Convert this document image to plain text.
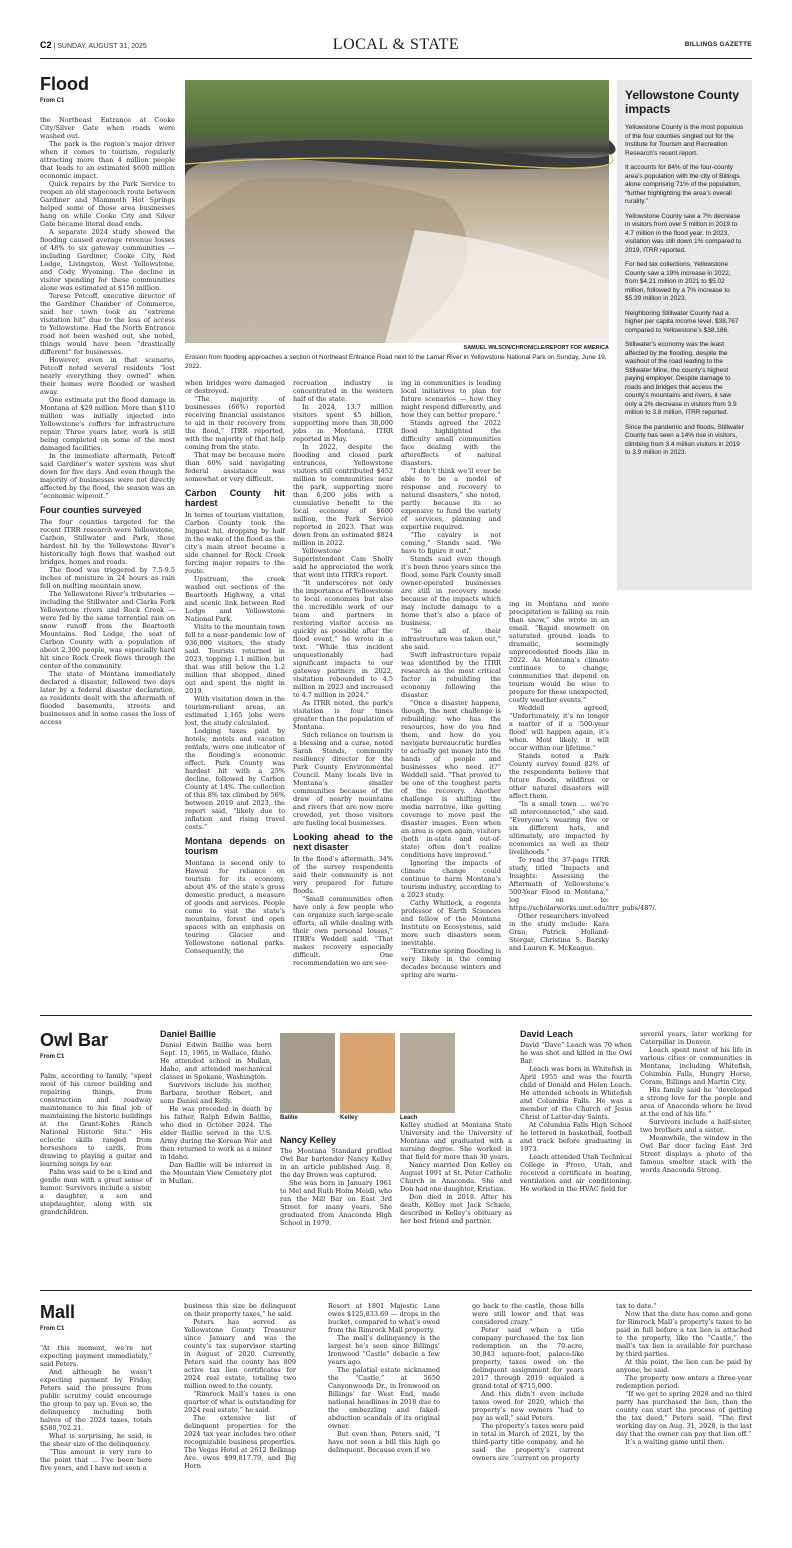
C2 | SUNDAY, AUGUST 31, 2025	LOCAL & STATE	BILLINGS GAZETTE
Flood
From C1

the Northeast Entrance at Cooke City/Silver Gate when roads were washed out.

The park is the region’s major driver when it comes to tourism, regularly attracting more than 4 million people that leads to an estimated $600 million economic impact.

Quick repairs by the Park Service to reopen an old stagecoach route between Gardiner and Mammoth Hot Springs helped some of those area businesses hang on while Cooke City and Silver Gate became literal dead ends.

A separate 2024 study showed the flooding caused average revenue losses of 48% to six gateway communities — including Gardiner, Cooke City, Red Lodge, Livingston, West Yellowstone, and Cody, Wyoming. The decline in visitor spending for these communities alone was estimated at $156 million.

Terese Petcoff, executive director of the Gardiner Chamber of Commerce, said her town took an “extreme visitation hit” due to the loss of access to Yellowstone. Had the North Entrance road not been washed out, she noted, things would have been “drastically different” for businesses.

However, even in that scenario, Petcoff noted several residents “lost nearly everything they owned” when their homes were flooded or washed away.

One estimate put the flood damage in Montana at $29 million. More than $110 million was initially injected into Yellowstone’s coffers for infrastructure repair. Three years later, work is still being completed on some of the most damaged facilities.

In the immediate aftermath, Petcoff said Gardiner’s water system was shut down for five days. And even though the majority of businesses were not directly affected by the flood, the season was an “economic wipeout.”

Four counties surveyed

The four counties targeted for the recent ITRR research were Yellowstone, Carbon, Stillwater and Park, those hardest hit by the Yellowstone River’s historically high flows that washed out bridges, homes and roads.

The flood was triggered by 7.5-9.5 inches of moisture in 24 hours as rain fell on melting mountain snow.

The Yellowstone River’s tributaries — including the Stillwater and Clarks Fork Yellowstone rivers and Rock Creek — were fed by the same torrential rain on snow runoff from the Beartooth Mountains. Red Lodge, the seat of Carbon County with a population of about 2,300 people, was especially hard hit since Rock Creek flows through the center of the community.

The state of Montana immediately declared a disaster, followed two days later by a federal disaster declaration, as residents dealt with the aftermath of flooded basements, streets and businesses and in some cases the loss of access

SAMUEL WILSON/CHRONICLE/REPORT FOR AMERICA
Erosion from flooding approaches a section of Northeast Entrance Road next to the Lamar River in Yellowstone National Park on Sunday, June 19, 2022.

when bridges were damaged or destroyed.

“The majority of businesses (66%) reported receiving financial assistance to aid in their recovery from the flood,” ITRR reported, with the majority of that help coming from the state.

That may be because more than 60% said navigating federal assistance was somewhat or very difficult.

Carbon County hit hardest

In terms of tourism visitation, Carbon County took the biggest hit, dropping by half in the wake of the flood as the city’s main street became a side channel for Rock Creek forcing major repairs to the route.

Upstream, the creek washed out sections of the Beartooth Highway, a vital and scenic link between Red Lodge and Yellowstone National Park.

Visits to the mountain town fell to a near-pandemic low of 936,000 visitors, the study said. Tourists returned in 2023, topping 1.1 million, but that was still below the 1.2 million that shopped, dined out and spent the night in 2019.

With visitation down in the tourism-reliant areas, an estimated 1,165 jobs were lost, the study calculated.

Lodging taxes paid by hotels, motels and vacation rentals, were one indicator of the flooding’s economic effect. Park County was hardest hit with a 25% decline, followed by Carbon County at 14%. The collection of this 8% tax climbed by 56% between 2019 and 2023, the report said, “likely due to inflation and rising travel costs.”

Montana depends on tourism

Montana is second only to Hawaii for reliance on tourism for its economy, about 4% of the state’s gross domestic product, a measure of goods and services. People come to visit the state’s mountains, forest and open spaces with an emphasis on touring Glacier and Yellowstone national parks. Consequently, the

recreation industry is concentrated in the western half of the state.

In 2024, 13.7 million visitors spent $5 billion, supporting more than 38,000 jobs in Montana, ITRR reported in May.

In 2022, despite the flooding and closed park entrances, Yellowstone visitors still contributed $452 million to communities near the park, supporting more than 6,200 jobs with a cumulative benefit to the local economy of $600 million, the Park Service reported in 2023. That was down from an estimated $824 million in 2022.

Yellowstone Superintendent Cam Sholly said he appreciated the work that went into ITRR’s report.

“It underscores not only the importance of Yellowstone to local economies but also the incredible work of our team and partners in restoring visitor access as quickly as possible after the flood event,” he wrote in a text. “While this incident unquestionably had significant impacts to our gateway partners in 2022, visitation rebounded to 4.5 million in 2023 and increased to 4.7 million in 2024.”

As ITRR noted, the park’s visitation is four times greater than the population of Montana.

Such reliance on tourism is a blessing and a curse, noted Sarah Stands, community resiliency director for the Park County Environmental Council. Many locals live in Montana’s smaller communities because of the draw of nearby mountains and rivers that are now more crowded, yet those visitors are fueling local businesses.

Looking ahead to the next disaster

In the flood’s aftermath, 34% of the survey respondents said their community is not very prepared for future floods.

“Small communities often have only a few people who can organize such large-scale efforts, all while dealing with their own personal losses,” ITRR’s Weddell said. “That makes recovery especially difficult. One recommendation we are see-

ing in communities is leading local initiatives to plan for future scenarios — how they might respond differently, and how they can better prepare.”

Stands agreed the 2022 flood highlighted the difficulty small communities face dealing with the aftereffects of natural disasters.

“I don’t think we’ll ever be able to be a model of response and recovery to natural disasters,” she noted, partly because its so expensive to fund the variety of services, planning and expertise required.

“The cavalry is not coming,” Stands said. “We have to figure it out.”

Stands said even though it’s been three years since the flood, some Park County small owner-operated businesses are still in recovery mode because of the impacts which may include damage to a home that’s also a place of business.

“So all of their infrastructure was taken out,” she said.

Swift infrastructure repair was identified by the ITRR research as the most critical factor in rebuilding the economy following the disaster.

“Once a disaster happens, though, the next challenge is rebuilding: who has the resources, how do you find them, and how do you navigate bureaucratic hurdles to actually get money into the hands of people and businesses who need it?” Weddell said. “That proved to be one of the toughest parts of the recovery. Another challenge is shifting the media narrative, like getting coverage to move past the disaster images. Even when an area is open again, visitors (both in-state and out-of-state) often don’t realize conditions have improved.”

Ignoring the impacts of climate change could continue to harm Montana’s tourism industry, according to a 2023 study.

Cathy Whitlock, a regents professor of Earth Sciences and fellow of the Montana Institute on Ecosystems, said more such disasters seem inevitable.

“Extreme spring flooding is very likely in the coming decades because winters and spring are warm-

ing in Montana and more precipitation is falling as rain than snow,” she wrote in an email. “Rapid snowmelt on saturated ground leads to dramatic, seemingly unprecedented floods like in 2022. As Montana’s climate continues to change, communities that depend on tourism would be wise to prepare for these unexpected, costly weather events.”

Weddell agreed, “Unfortunately, it’s no longer a matter of if a ‘500-year flood’ will happen again, it’s when. Most likely, it will occur within our lifetime.”

Stands noted a Park County survey found 82% of the respondents believe that future floods, wildfires or other natural disasters will affect them.

“In a small town … we’re all interconnected,” she said. “Everyone’s wearing five or six different hats, and ultimately, are impacted by economics as well as their livelihoods.”

To read the 37-page ITRR study, titled “Impacts and Insights: Assessing the Aftermath of Yellowstone’s 500-Year Flood in Montana,” log on to: https://scholarworks.umt.edu/itrr_pubs/487/.

Other researchers involved in the study include: Kara Grau, Patrick Holland-Stergar, Christina S. Barsky and Lauren K. McKeague.

Yellowstone County impacts

Yellowstone County is the most populous of the four counties singled out for the Institute for Tourism and Recreation Research’s recent report.

It accounts for 84% of the four-county area’s population with the city of Billings alone comprising 71% of the population, “further highlighting the area’s overall rurality.”

Yellowstone County saw a 7% decrease in visitors from over 5 million in 2019 to 4.7 million in the flood year. In 2023, visitation was still down 1% compared to 2019, ITRR reported.

For bed tax collections, Yellowstone County saw a 19% increase in 2022, from $4.21 million in 2021 to $5.02 million, followed by a 7% increase to $5.39 million in 2023.

Neighboring Stillwater County had a higher per capita income level, $38,767 compared to Yellowstone’s $38,186.

Stillwater’s economy was the least affected by the flooding, despite the washout of the road leading to the Stillwater Mine, the county’s highest paying employer. Despite damage to roads and bridges that access the county’s mountains and rivers, it saw only a 2% decrease in visitors from 3.9 million to 3.8 million, ITRR reported.

Since the pandemic and floods, Stillwater County has seen a 14% rise in visitors, climbing from 3.4 million visitors in 2019 to 3.9 million in 2023.

Owl Bar
From C1

Palm, according to family, “spent most of his career building and repairing things, from construction and roadway maintenance to his final job of maintaining the historic buildings at the Grant-Kohrs Ranch National Historic Site.” His eclectic skills ranged from horseshoes to cards, from drawing to playing a guitar and learning songs by ear.

Palm was said to be a kind and gentle man with a great sense of humor. Survivors include a sister, a daughter, a son and stepdaughter, along with six grandchildren.

Daniel Baillie

Daniel Edwin Baillie was born Sept. 15, 1965, in Wallace, Idaho. He attended school in Mullan, Idaho, and attended mechanical classes in Spokane, Washington.

Survivors include his mother, Barbara, brother Robert, and sons Daniel and Kelly.

He was preceded in death by his father, Ralph Edwin Baillie, who died in October 2024. The elder Baillie served in the U.S. Army during the Korean War and then returned to work as a miner in Idaho.

Dan Baillie will be interred in the Mountain View Cemetery plot in Mullan.

Baillie	Kelley	Leach
Nancy Kelley

The Montana Standard profiled Owl Bar bartender Nancy Kelley in an article published Aug. 8, the day Brown was captured.

She was born in January 1961 to Mel and Ruth Holm Meidl, who ran the Mill Bar on East 3rd Street for many years. She graduated from Anaconda High School in 1979.

Kelley studied at Montana State University and the University of Montana and graduated with a nursing degree. She worked in that field for more than 30 years.

Nancy married Don Kelley on August 1991 at St. Peter Catholic Church in Anaconda. She and Don had one daughter, Kristian.

Don died in 2018. After his death, Kelley met Jack Schiele, described in Kelley’s obituary as her best friend and partner.

David Leach

David “Dave” Leach was 70 when he was shot and killed in the Owl Bar.

Leach was born in Whitefish in April 1955 and was the fourth child of Donald and Helen Leach. He attended schools in Whitefish and Columbia Falls. He was a member of the Church of Jesus Christ of Latter-day Saints.

At Columbia Falls High School he lettered in basketball, football and track before graduating in 1973.

Leach attended Utah Technical College in Provo, Utah, and received a certificate in heating, ventilation and air conditioning. He worked in the HVAC field for

several years, later working for Caterpillar in Denver.

Leach spent most of his life in various cities or communities in Montana, including Whitefish, Columbia Falls, Hungry Horse, Coram, Billings and Martin City.

His family said he “developed a strong love for the people and area of Anaconda where he lived at the end of his life.”

Survivors include a half-sister, two brothers and a sister.

Meanwhile, the window in the Owl Bar door facing East 3rd Street displays a photo of the famous smelter stack with the words Anaconda Strong.

Mall
From C1

“At this moment, we’re not expecting payment immediately,” said Peters.

And although he wasn’t expecting payment by Friday, Peters said the pressure from public scrutiny could encourage the group to pay up. Even so, the delinquency including both halves of the 2024 taxes, totals $580,702.21.

What is surprising, he said, is the shear size of the delinquency.

“This amount is very rare to the point that … I’ve been here five years, and I have not seen a

business this size be delinquent on their property taxes,” he said.

Peters has served as Yellowstone County Treasurer since January and was the county’s tax supervisor starting in August of 2020. Currently, Peters said the county has 809 active tax lien certificates for 2024 real estate, totaling two million owed to the county.

“Rimrock Mall’s taxes is one quarter of what is outstanding for 2024 real estate,” he said.

The extensive list of delinquent properties for the 2024 tax year includes two other recognizable business properties. The Vegas Hotel at 2612 Belknap Ave. owes $99,817.79, and Big Horn

Resort at 1801 Majestic Lane owes $125,833.69 — drops in the bucket, compared to what’s owed from the Rimrock Mall property.

The mall’s delinquency is the largest he’s seen since Billings’ Ironwood “Castle” debacle a few years ago.

The palatial estate nicknamed the “Castle,” at 5650 Canyonwoods Dr., in Ironwood on Billings’ far West End, made national headlines in 2018 due to the embezzling and faked-abduction scandals of its original owner.

But even then, Peters said, “I have not seen a bill this high go delinquent. Because even if we

go back to the castle, those bills were still lower and that was considered crazy.”

Peter said when a title company purchased the tax lien redemption on the 70-acre, 30,843 square-foot, palace-like property, taxes owed on the delinquent assignment for years 2017 through 2019 equaled a grand total of $715,000.

And this didn’t even include taxes owed for 2020, which the property’s new owners “had to pay as well,” said Peters.

The property’s taxes were paid in total in March of 2021, by the third-party title company, and he said the property’s current owners are “current on property

tax to date.”

Now that the date has come and gone for Rimrock Mall’s property’s taxes to be paid in full before a tax lien is attached to the property, like the “Castle,” the mall’s tax lien is available for purchase by third parties.

At this point, the lien can be paid by anyone, he said.

The property now enters a three-year redemption period.

“If we get to spring 2028 and no third party has purchased the lien, then the county can start the process of getting the tax deed,” Peters said. “The first working day on Aug. 31, 2028, is the last day that the owner can pay that lien off.”

It’s a waiting game until then.
